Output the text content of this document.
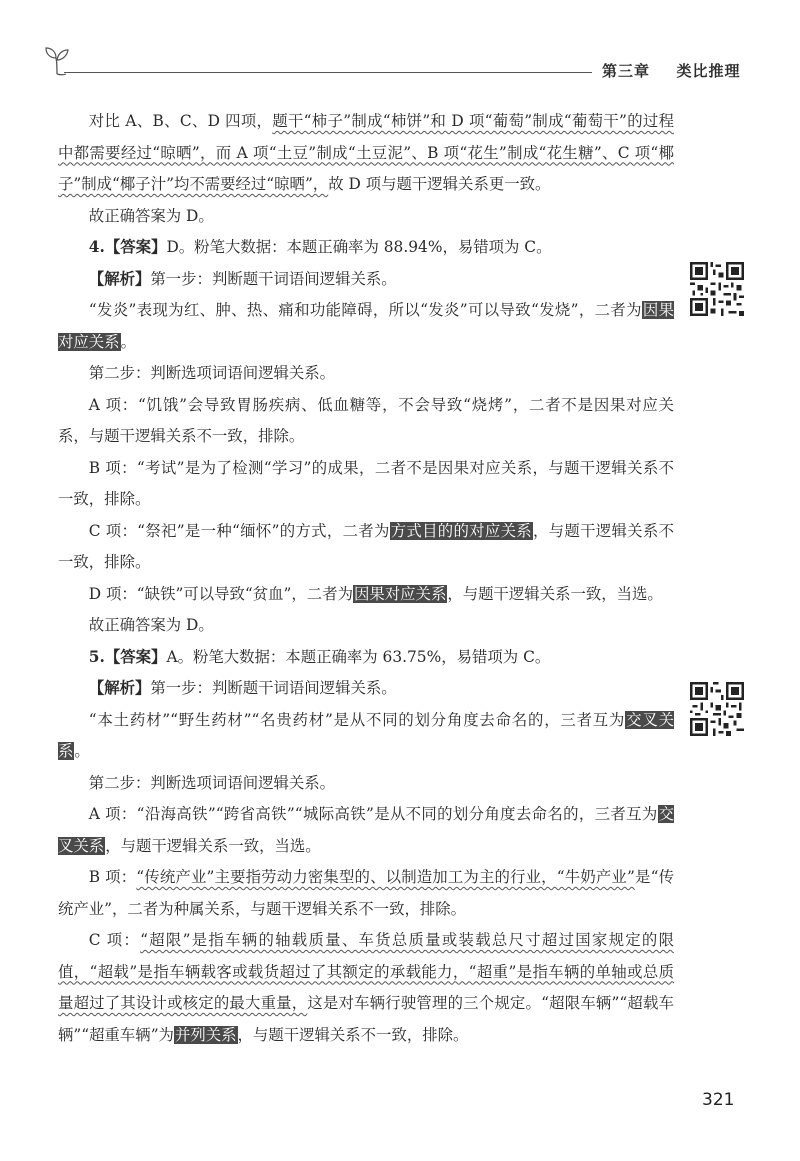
第三章 类比推理

对比 A、B、C、D 四项，题干“柿子”制成“柿饼”和 D 项“葡萄”制成“葡萄干”的过程中都需要经过“晾晒”，而 A 项“土豆”制成“土豆泥”、B 项“花生”制成“花生糖”、C 项“椰子”制成“椰子汁”均不需要经过“晾晒”，故 D 项与题干逻辑关系更一致。

故正确答案为 D。

4.【答案】D。粉笔大数据：本题正确率为 88.94%，易错项为 C。

【解析】第一步：判断题干词语间逻辑关系。

“发炎”表现为红、肿、热、痛和功能障碍，所以“发炎”可以导致“发烧”，二者为因果对应关系。

第二步：判断选项词语间逻辑关系。

A 项：“饥饿”会导致胃肠疾病、低血糖等，不会导致“烧烤”，二者不是因果对应关系，与题干逻辑关系不一致，排除。

B 项：“考试”是为了检测“学习”的成果，二者不是因果对应关系，与题干逻辑关系不一致，排除。

C 项：“祭祀”是一种“缅怀”的方式，二者为方式目的的对应关系，与题干逻辑关系不一致，排除。

D 项：“缺铁”可以导致“贫血”，二者为因果对应关系，与题干逻辑关系一致，当选。

故正确答案为 D。

5.【答案】A。粉笔大数据：本题正确率为 63.75%，易错项为 C。

【解析】第一步：判断题干词语间逻辑关系。

“本土药材”“野生药材”“名贵药材”是从不同的划分角度去命名的，三者互为交叉关系。

第二步：判断选项词语间逻辑关系。

A 项：“沿海高铁”“跨省高铁”“城际高铁”是从不同的划分角度去命名的，三者互为交叉关系，与题干逻辑关系一致，当选。

B 项：“传统产业”主要指劳动力密集型的、以制造加工为主的行业，“牛奶产业”是“传统产业”，二者为种属关系，与题干逻辑关系不一致，排除。

C 项：“超限”是指车辆的轴载质量、车货总质量或装载总尺寸超过国家规定的限值，“超载”是指车辆载客或载货超过了其额定的承载能力，“超重”是指车辆的单轴或总质量超过了其设计或核定的最大重量，这是对车辆行驶管理的三个规定。“超限车辆”“超载车辆”“超重车辆”为并列关系，与题干逻辑关系不一致，排除。

321
